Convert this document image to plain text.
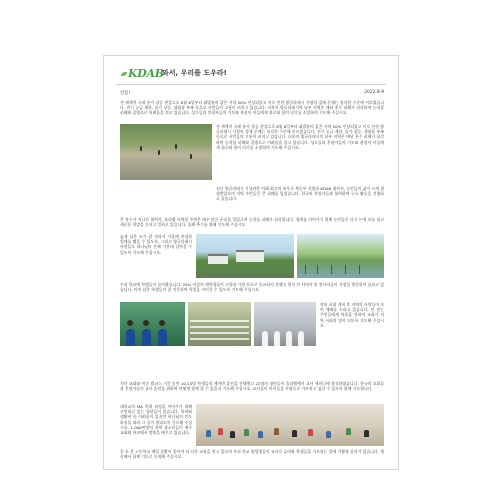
KDAB
와서, 우리를 도우라!
샬롬!	2022.8-9
전 세계적 국제 유가 상승 현상으로 8월 6일부터 휘발유의 값은 거의 50% 인상되었고 이로 인한 방글라데시 가정의 경제 문제는 심각한 수준에 이르렀습니다. 전기 공급 제한, 물가 상승, 생필품 부족 등으로 서민들의 고통이 커지고 있습니다. 더욱이 방글라데시의 남부 지역은 매년 홍수 피해가 심각하여 농작물 피해와 질병으로 어려움을 겪고 있습니다. 성도들과 후원자들의 기도와 관심이 이들에게 위로와 힘이 되기를 소망하며 기도해 주십시오.
전 세계적 국제 유가 상승 현상으로 8월 6일부터 휘발유의 값은 거의 50% 인상되었고 이로 인한 방글라데시 가정의 경제 문제는 심각한 수준에 이르렀습니다. 전기 공급 제한, 물가 상승, 생필품 부족 등으로 서민들의 고통이 커지고 있습니다. 더욱이 방글라데시의 남부 지역은 매년 홍수 피해가 심각하여 농작물 피해와 질병으로 어려움을 겪고 있습니다. 성도들과 후원자들의 기도와 관심이 이들에게 위로와 힘이 되기를 소망하며 기도해 주십시오.
지난 방글라데시 기상관측 이래 최고의 폭우로 북동부 지방과 KDAB 협력지, 농민들의 삶이 크게 위협받았으며 지역 주민들은 큰 피해를 입었습니다. 한국의 후원자들과 협력하여 구호 활동을 진행하고 있습니다.
큰 홍수가 지나간 협력지, 올리펠 사역장 주변은 매우 많은 손실을 입었으며 농작물 피해가 심각합니다. 생계를 이어가기 위해 농민들은 다시 논에 모를 심고 새로운 희망을 가지고 일하고 있습니다. 올해 추수를 위해 기도해 주십시오.
늦게 심은 모가 잘 자라서 가을에 풍성한 열매를 맺을 수 있도록, 그리고 방글라데시 사람들도 하나님의 은혜 가운데 살아갈 수 있도록 기도해 주십시오.
우리 학교에 학생들이 돌아왔습니다. 25% 이상의 재학생들이 고향과 가정 등으로 등교하지 못했고 현지 인 사역자 및 봉사자들이 가정을 방문하며 돌보고 있습니다. 아직 남은 학생들이 잘 적응하여 학업을 이어갈 수 있도록 기도해 주십시오.
작년 교회 개척 후 지역의 사람들이 모여 예배를 드리고 있습니다. 안 믿는 주민들에게 복음을 전하며 교회가 지역 사회의 빛이 되도록 기도해 주십시오.
지난 교회와 이순 캠퍼스 기간 동안 10-15명 학생들의 제자반 훈련을 진행했고 22명의 청년들이 올리펠에서 교사 세미나에 참석하였습니다. 한국의 교회들과 후원자들이 교사 훈련을 위하여 어떻게 함께 할 수 있을지 기도해 주십시오. 교사들이 아이들을 사랑으로 가르치고 섬길 수 있도록 함께 기도합니다.
대학교의 MA 학위 과정을 이어가기 위해 고민하고 있는 청년들이 있습니다. 학비와 생활비 등 어려움이 있지만 하나님의 인도하심을 따라 그 길이 열리도록 기도해 주십시오. 1,000여명의 지역 청소년들이 매주 교회와 학교에서 말씀을 배우고 있습니다.
등 포 총 고등학교 매일 상황이 좋아져 더 나은 교육을 받고 있으며 우리 학교 졸업생들이 교사로 돌아와 학생들을 가르치는 일에 기쁨과 감사가 있습니다. 계속해서 함께 기도로 동역해 주십시오.
